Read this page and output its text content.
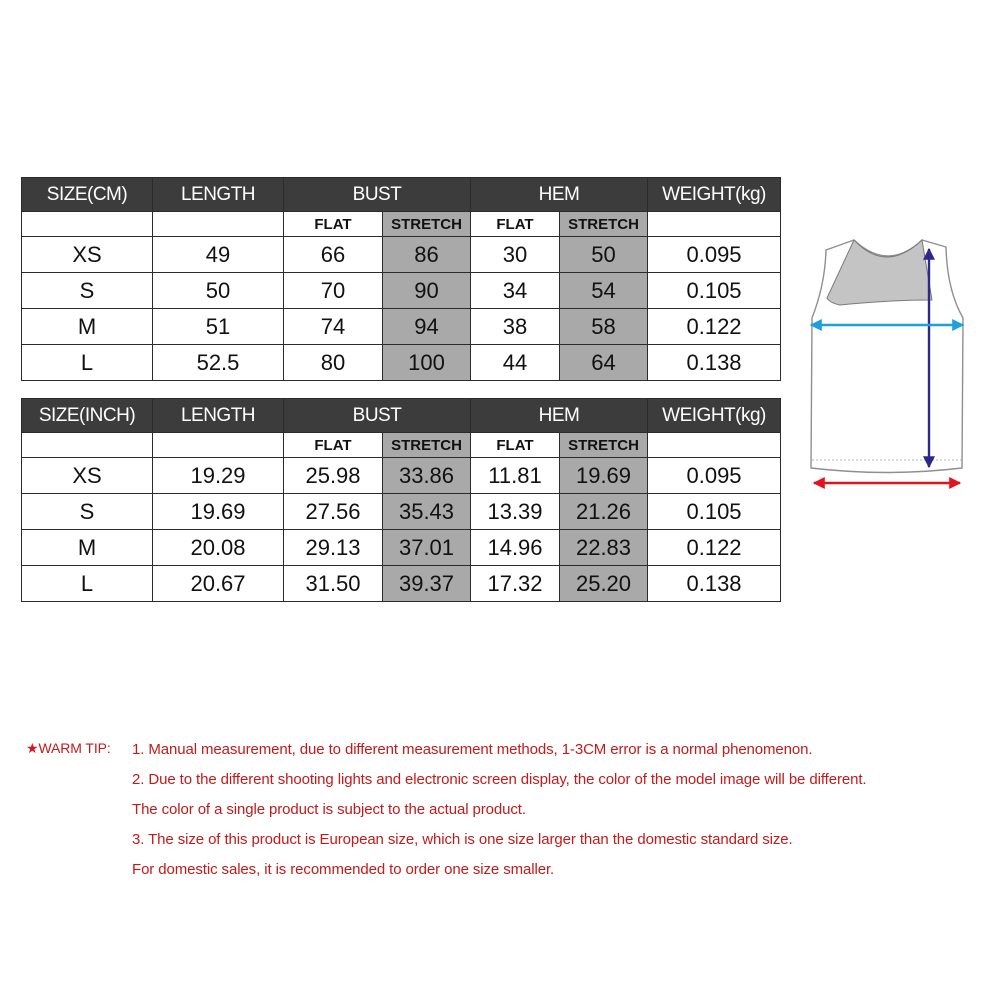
SIZE(CM)	LENGTH	BUST		HEM		WEIGHT(kg)
		FLAT	STRETCH	FLAT	STRETCH	
XS	49	66	86	30	50	0.095
S	50	70	90	34	54	0.105
M	51	74	94	38	58	0.122
L	52.5	80	100	44	64	0.138
SIZE(INCH)	LENGTH	BUST		HEM		WEIGHT(kg)
		FLAT	STRETCH	FLAT	STRETCH	
XS	19.29	25.98	33.86	11.81	19.69	0.095
S	19.69	27.56	35.43	13.39	21.26	0.105
M	20.08	29.13	37.01	14.96	22.83	0.122
L	20.67	31.50	39.37	17.32	25.20	0.138
★WARM TIP: 1. Manual measurement, due to different measurement methods, 1-3CM error is a normal phenomenon.
2. Due to the different shooting lights and electronic screen display, the color of the model image will be different.
The color of a single product is subject to the actual product.
3. The size of this product is European size, which is one size larger than the domestic standard size.
For domestic sales, it is recommended to order one size smaller.
